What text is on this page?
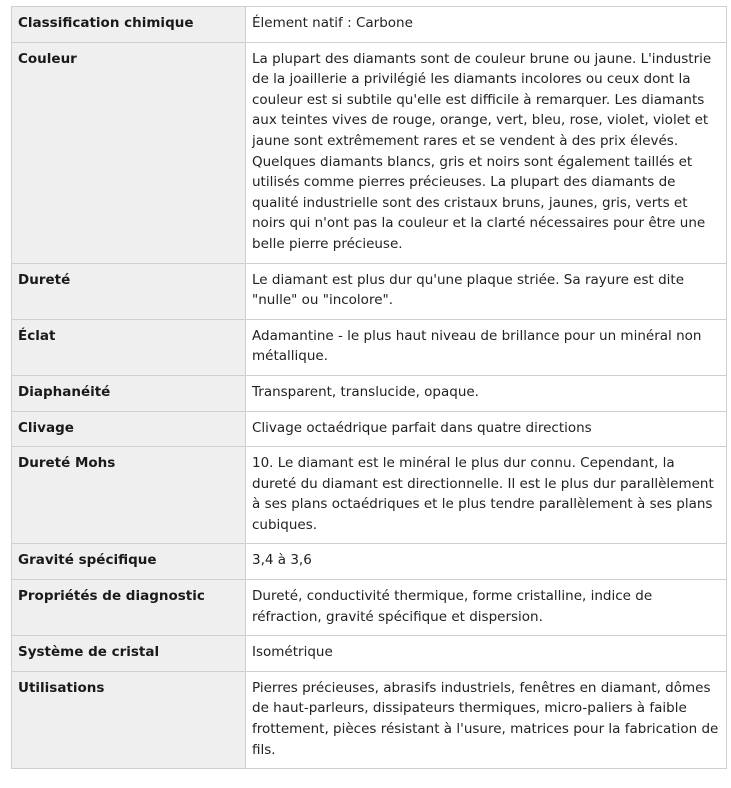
Classification chimique	Élement natif : Carbone
Couleur	La plupart des diamants sont de couleur brune ou jaune. L'industrie de la joaillerie a privilégié les diamants incolores ou ceux dont la couleur est si subtile qu'elle est difficile à remarquer. Les diamants aux teintes vives de rouge, orange, vert, bleu, rose, violet, violet et jaune sont extrêmement rares et se vendent à des prix élevés. Quelques diamants blancs, gris et noirs sont également taillés et utilisés comme pierres précieuses. La plupart des diamants de qualité industrielle sont des cristaux bruns, jaunes, gris, verts et noirs qui n'ont pas la couleur et la clarté nécessaires pour être une belle pierre précieuse.
Dureté	Le diamant est plus dur qu'une plaque striée. Sa rayure est dite "nulle" ou "incolore".
Éclat	Adamantine - le plus haut niveau de brillance pour un minéral non métallique.
Diaphanéité	Transparent, translucide, opaque.
Clivage	Clivage octaédrique parfait dans quatre directions
Dureté Mohs	10. Le diamant est le minéral le plus dur connu. Cependant, la dureté du diamant est directionnelle. Il est le plus dur parallèlement à ses plans octaédriques et le plus tendre parallèlement à ses plans cubiques.
Gravité spécifique	3,4 à 3,6
Propriétés de diagnostic	Dureté, conductivité thermique, forme cristalline, indice de réfraction, gravité spécifique et dispersion.
Système de cristal	Isométrique
Utilisations	Pierres précieuses, abrasifs industriels, fenêtres en diamant, dômes de haut-parleurs, dissipateurs thermiques, micro-paliers à faible frottement, pièces résistant à l'usure, matrices pour la fabrication de fils.
